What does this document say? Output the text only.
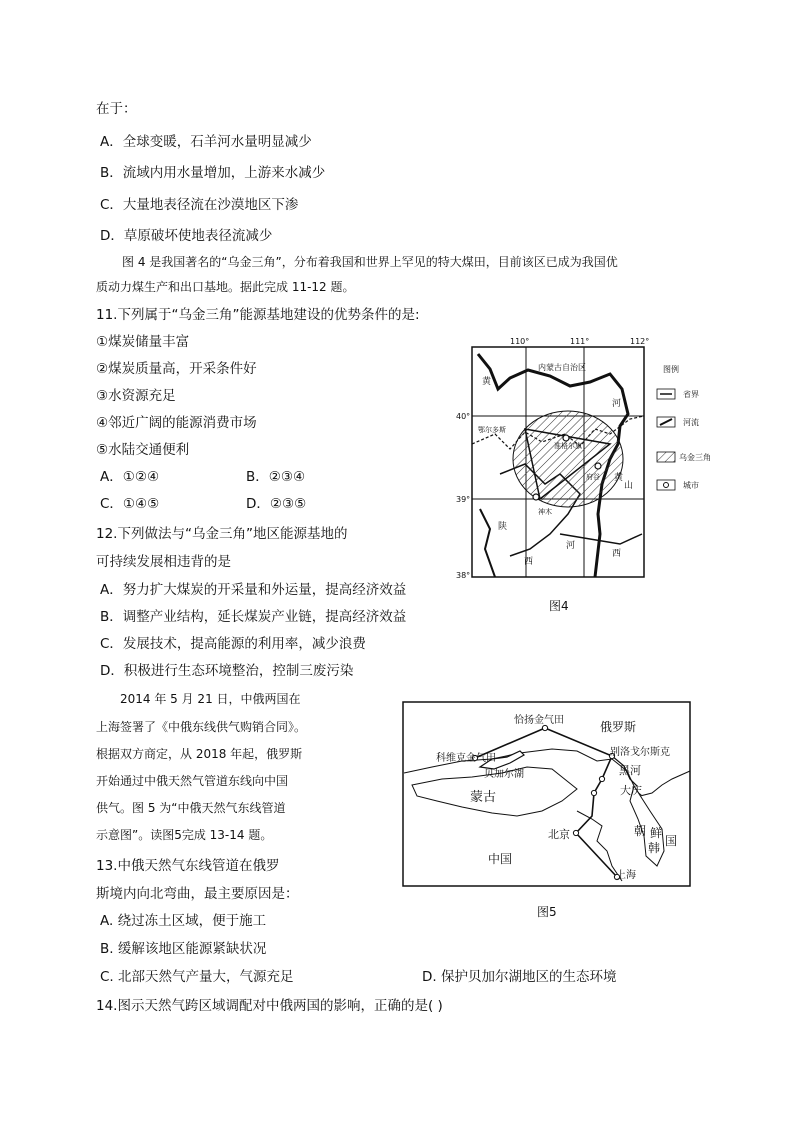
在于：
A．全球变暖，石羊河水量明显减少
B．流域内用水量增加，上游来水减少
C．大量地表径流在沙漠地区下渗
D．草原破坏使地表径流减少
图 4 是我国著名的“乌金三角”，分布着我国和世界上罕见的特大煤田，目前该区已成为我国优
质动力煤生产和出口基地。据此完成 11-12 题。
11.下列属于“乌金三角”能源基地建设的优势条件的是:
①煤炭储量丰富
②煤炭质量高，开采条件好
③水资源充足
④邻近广阔的能源消费市场
⑤水陆交通便利
A．①②④	B．②③④
C．①④⑤	D．②③⑤
12.下列做法与“乌金三角”地区能源基地的
可持续发展相违背的是
A．努力扩大煤炭的开采量和外运量，提高经济效益
B．调整产业结构，延长煤炭产业链，提高经济效益
C．发展技术，提高能源的利用率，减少浪费
D．积极进行生态环境整治，控制三废污染
2014 年 5 月 21 日，中俄两国在
上海签署了《中俄东线供气购销合同》。
根据双方商定，从 2018 年起，俄罗斯
开始通过中俄天然气管道东线向中国
供气。图 5 为“中俄天然气东线管道
示意图”。读图5完成 13-14 题。
13.中俄天然气东线管道在俄罗
斯境内向北弯曲，最主要原因是：
A. 绕过冻土区域，便于施工
B. 缓解该地区能源紧缺状况
C. 北部天然气产量大，气源充足	D. 保护贝加尔湖地区的生态环境
14.图示天然气跨区域调配对中俄两国的影响，正确的是( )
110°	111°	112°
40°
39°
38°
内蒙古自治区
鄂尔多斯
准格尔旗
府谷
神木
陕
西
河
西
黄
河
黄
山
图例
省界
河流
乌金三角
城市
图4
恰扬金气田	俄罗斯
科维克金气田
别洛戈尔斯克
贝加尔湖	黑河
蒙古	大庆
北京	朝 鲜
韩 国
中国
上海
图5
